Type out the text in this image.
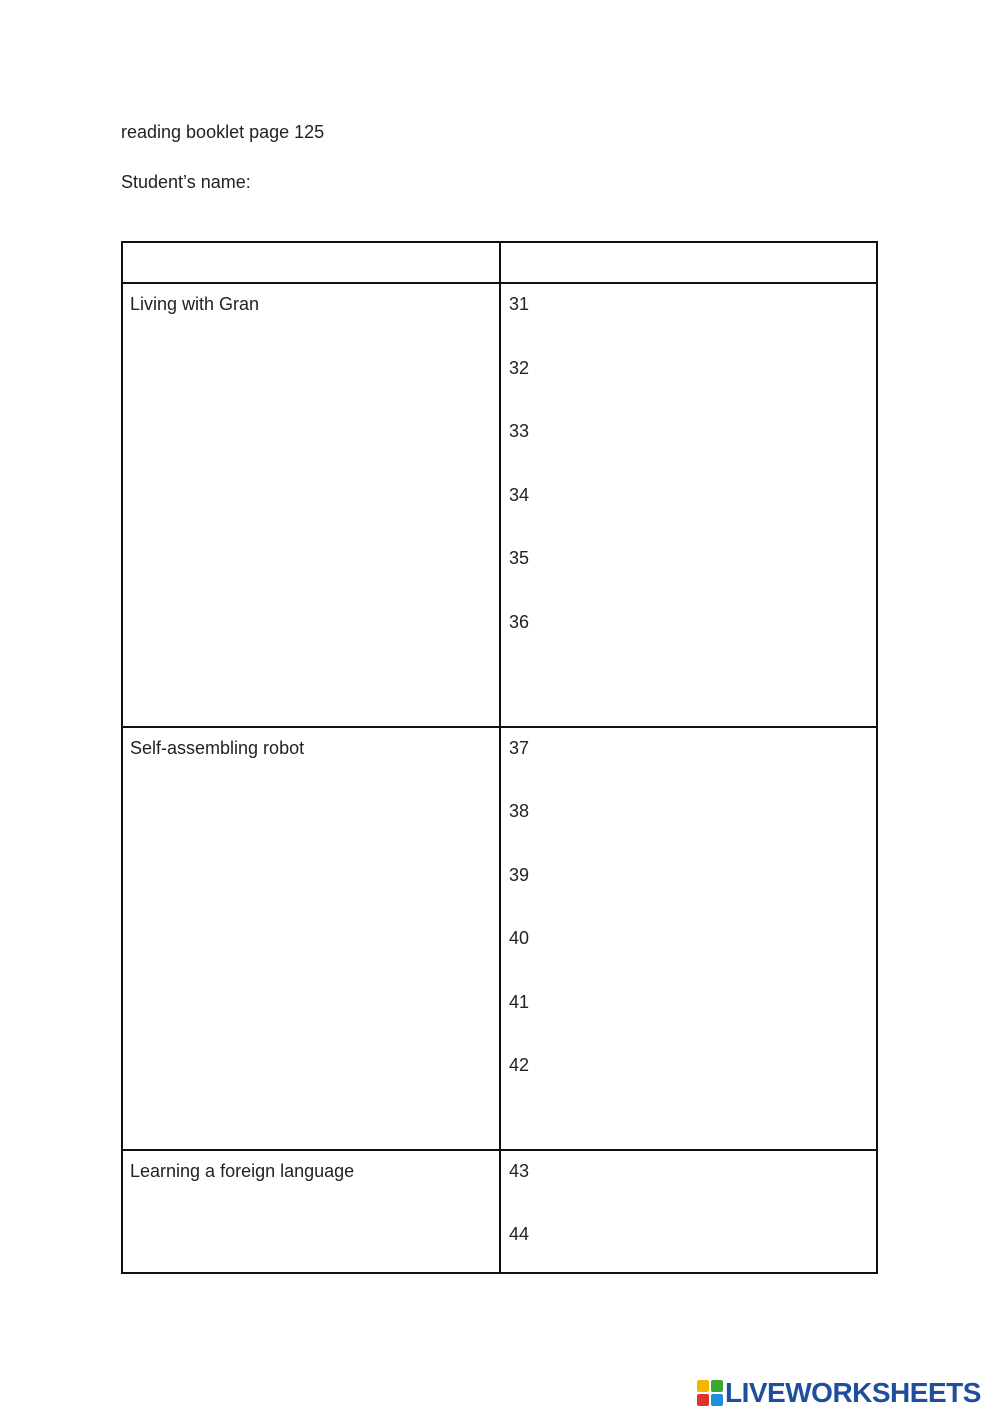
reading booklet page 125
Student’s name:
Living with Gran	31
32
33
34
35
36
Self-assembling robot	37
38
39
40
41
42
Learning a foreign language	43
44
LIVEWORKSHEETS
